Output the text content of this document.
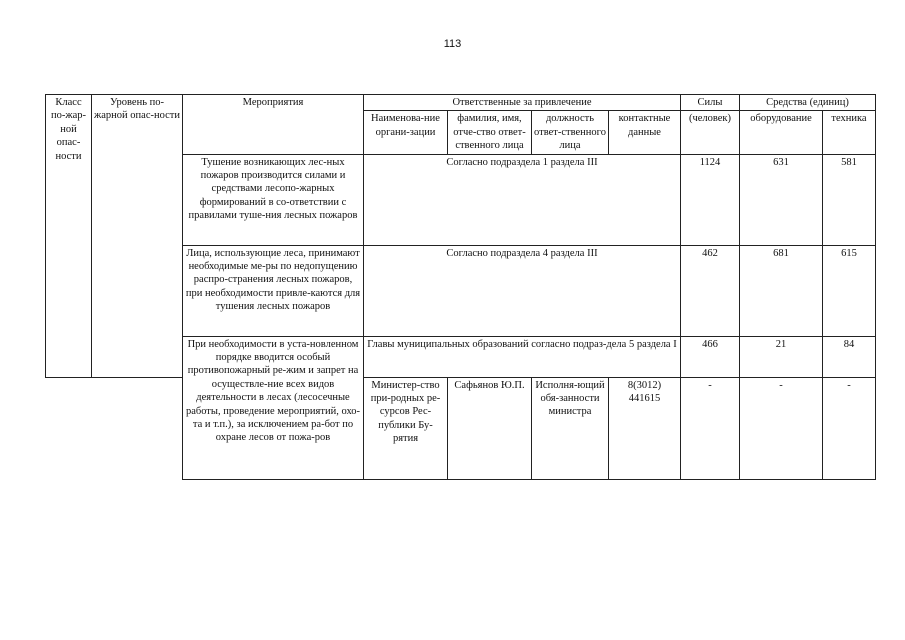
113
Класс по-жар-ной опас-ности	Уровень по-жарной опас-ности	Мероприятия	Ответственные за привлечение				Силы	Средства (единиц)	
			Наименова-ние органи-зации	фамилия, имя, отче-ство ответ-ственного лица	должность ответ-ственного лица	контактные данные	(человек)	оборудование	техника
		Тушение возникающих лес-ных пожаров производится силами и средствами лесопо-жарных формирований в со-ответствии с правилами туше-ния лесных пожаров	Согласно подраздела 1 раздела III				1124	631	581
		Лица, использующие леса, принимают необходимые ме-ры по недопущению распро-странения лесных пожаров, при необходимости привле-каются для тушения лесных пожаров	Согласно подраздела 4 раздела III				462	681	615
		При необходимости в уста-новленном порядке вводится особый противопожарный ре-жим и запрет на осуществле-ние всех видов деятельности в лесах (лесосечные работы, проведение мероприятий, охо-та и т.п.), за исключением ра-бот по охране лесов от пожа-ров	Главы муниципальных образований согласно подраз-дела 5 раздела I				466	21	84
			Министер-ство при-родных ре-сурсов Рес-публики Бу-рятия	Сафьянов Ю.П.	Исполня-ющий обя-занности министра	8(3012) 441615	-	-	-
